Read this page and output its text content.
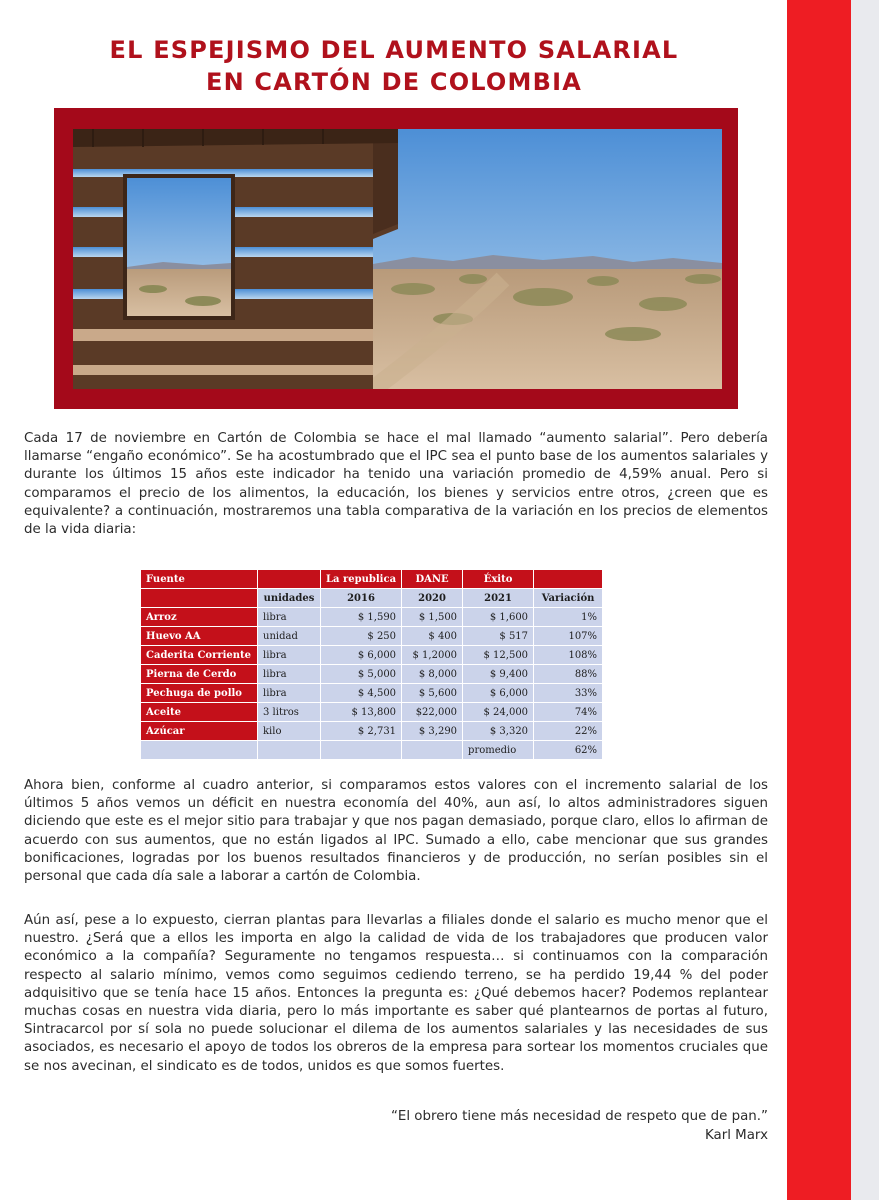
EL ESPEJISMO DEL AUMENTO SALARIAL
EN CARTÓN DE COLOMBIA
Cada 17 de noviembre en Cartón de Colombia se hace el mal llamado “aumento salarial”. Pero debería llamarse “engaño económico”. Se ha acostumbrado que el IPC sea el punto base de los aumentos salariales y durante los últimos 15 años este indicador ha tenido una variación promedio de 4,59% anual. Pero si comparamos el precio de los alimentos, la educación, los bienes y servicios entre otros, ¿creen que es equivalente? a continuación, mostraremos una tabla comparativa de la variación en los precios de elementos de la vida diaria:
Fuente		La republica	DANE	Éxito	
	unidades	2016	2020	2021	Variación
Arroz	libra	$ 1,590	$ 1,500	$ 1,600	1%
Huevo AA	unidad	$ 250	$ 400	$ 517	107%
Caderita Corriente	libra	$ 6,000	$ 1,2000	$ 12,500	108%
Pierna de Cerdo	libra	$ 5,000	$ 8,000	$ 9,400	88%
Pechuga de pollo	libra	$ 4,500	$ 5,600	$ 6,000	33%
Aceite	3 litros	$ 13,800	$22,000	$ 24,000	74%
Azúcar	kilo	$ 2,731	$ 3,290	$ 3,320	22%
				promedio	62%
Ahora bien, conforme al cuadro anterior, si comparamos estos valores con el incremento salarial de los últimos 5 años vemos un déficit en nuestra economía del 40%, aun así, lo altos administradores siguen diciendo que este es el mejor sitio para trabajar y que nos pagan demasiado, porque claro, ellos lo afirman de acuerdo con sus aumentos, que no están ligados al IPC. Sumado a ello, cabe mencionar que sus grandes bonificaciones, logradas por los buenos resultados financieros y de producción, no serían posibles sin el personal que cada día sale a laborar a cartón de Colombia.
Aún así, pese a lo expuesto, cierran plantas para llevarlas a filiales donde el salario es mucho menor que el nuestro. ¿Será que a ellos les importa en algo la calidad de vida de los trabajadores que producen valor económico a la compañía? Seguramente no tengamos respuesta… si continuamos con la comparación respecto al salario mínimo, vemos como seguimos cediendo terreno, se ha perdido 19,44 % del poder adquisitivo que se tenía hace 15 años. Entonces la pregunta es: ¿Qué debemos hacer? Podemos replantear muchas cosas en nuestra vida diaria, pero lo más importante es saber qué plantearnos de portas al futuro, Sintracarcol por sí sola no puede solucionar el dilema de los aumentos salariales y las necesidades de sus asociados, es necesario el apoyo de todos los obreros de la empresa para sortear los momentos cruciales que se nos avecinan, el sindicato es de todos, unidos es que somos fuertes.
“El obrero tiene más necesidad de respeto que de pan.”
Karl Marx
